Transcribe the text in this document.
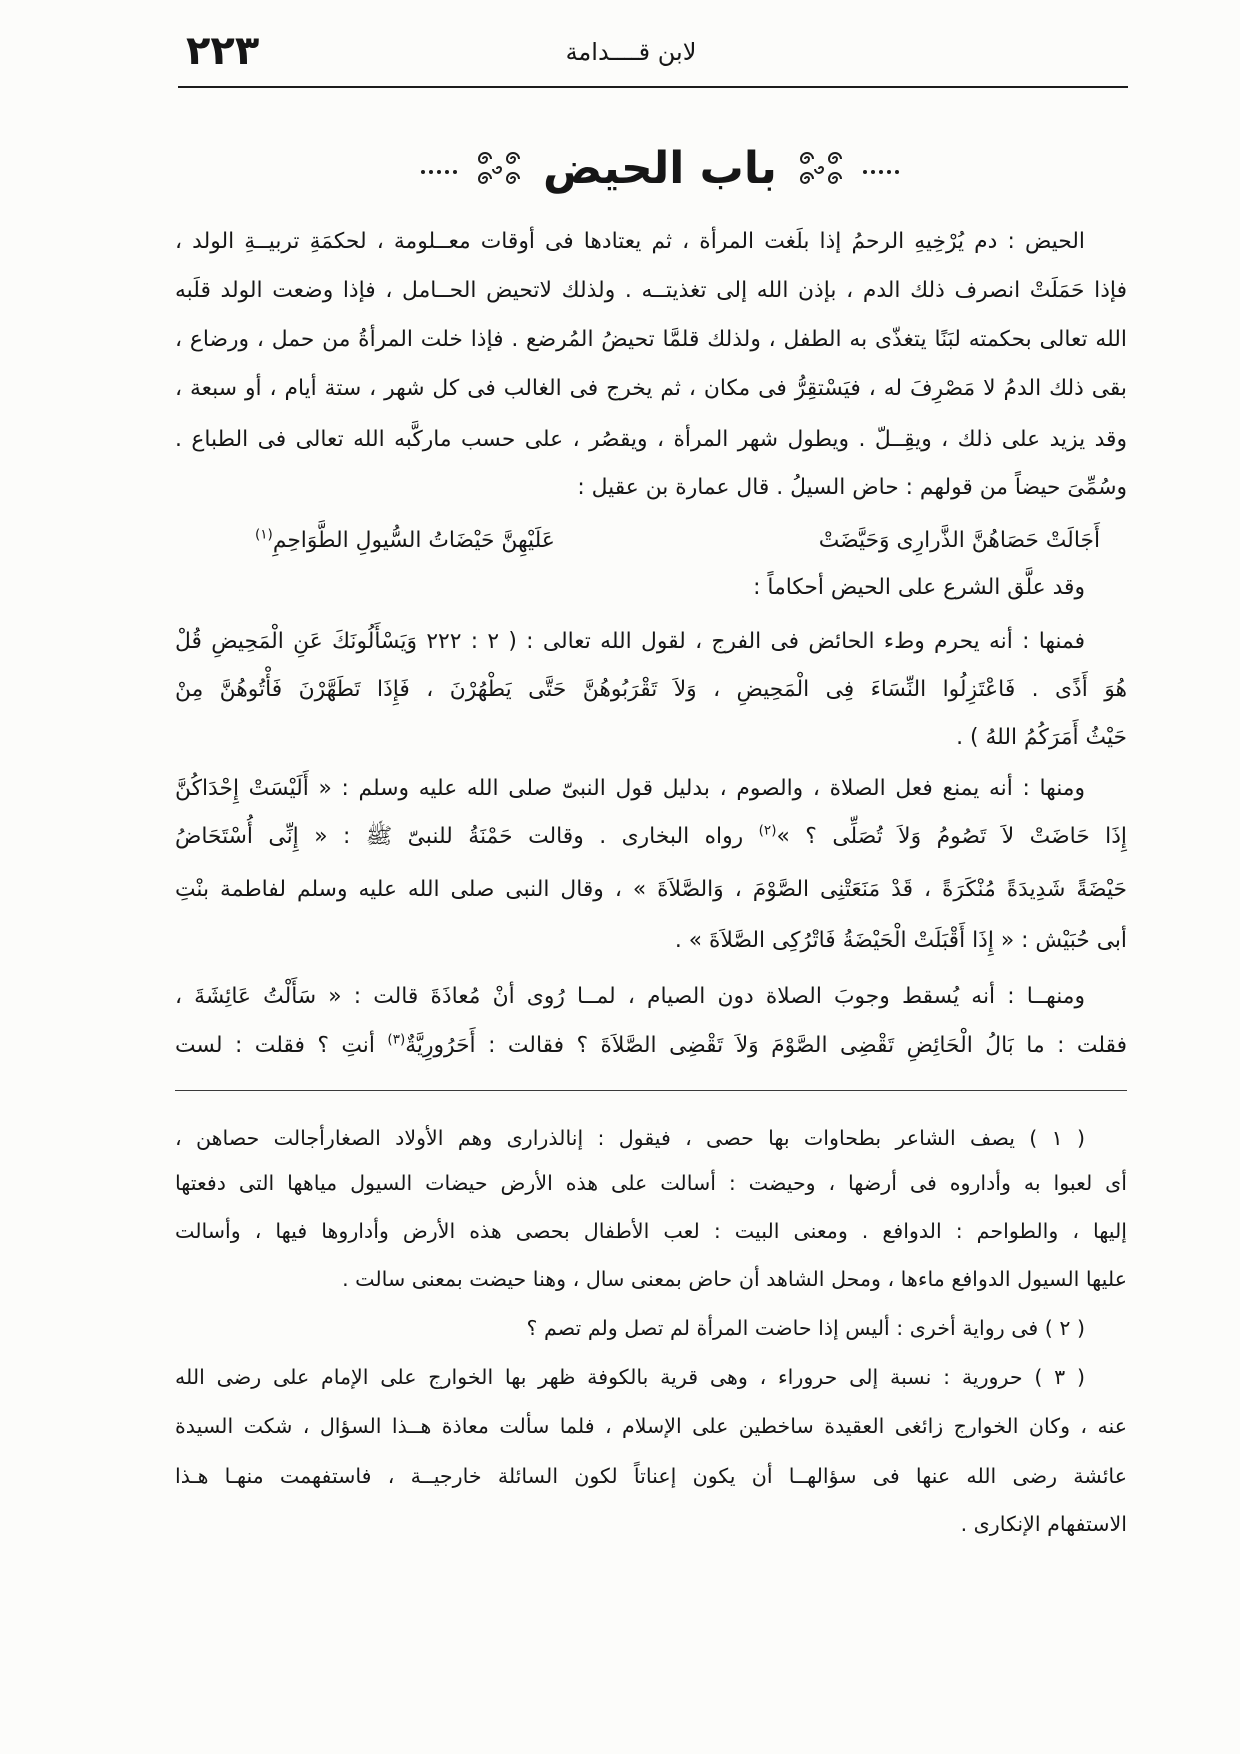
٢٢٣	لابن قــــدامة
باب الحيض
الحيض : دم يُرْخِيهِ الرحمُ إذا بلَغت المرأة ، ثم يعتادها فى أوقات معــلومة ، لحكمَةِ تربيــةِ الولد ،
فإذا حَمَلَتْ انصرف ذلك الدم ، بإذن الله إلى تغذيتــه . ولذلك لاتحيض الحــامل ، فإذا وضعت الولد قلَبه
الله تعالى بحكمته لبَنًا يتغذّى به الطفل ، ولذلك قلمَّا تحيضُ المُرضع . فإذا خلت المرأةُ من حمل ، ورضاع ،
بقى ذلك الدمُ لا مَصْرِفَ له ، فيَسْتقِرُّ فى مكان ، ثم يخرج فى الغالب فى كل شهر ، ستة أيام ، أو سبعة ،
وقد يزيد على ذلك ، ويقِــلّ . ويطول شهر المرأة ، ويقصُر ، على حسب ماركَّبه الله تعالى فى الطباع .
وسُمِّىَ حيضاً من قولهم : حاض السيلُ . قال عمارة بن عقيل :
أَجَالَتْ حَصَاهُنَّ الذَّرارِى وَحَيَّضَتْ
عَلَيْهِنَّ حَيْضَاتُ السُّيولِ الطَّوَاحِمِ$^{(١)}$
وقد علَّق الشرع على الحيض أحكاماً :
فمنها : أنه يحرم وطء الحائض فى الفرج ، لقول الله تعالى : ( ٢ : ٢٢٢ وَيَسْأَلُونَكَ عَنِ الْمَحِيضِ قُلْ
هُوَ أَذًى . فَاعْتَزِلُوا النِّسَاءَ فِى الْمَحِيضِ ، وَلاَ تَقْرَبُوهُنَّ حَتَّى يَطْهُرْنَ ، فَإِذَا تَطَهَّرْنَ فَأْتُوهُنَّ مِنْ
حَيْثُ أَمَرَكُمُ اللهُ ) .
ومنها : أنه يمنع فعل الصلاة ، والصوم ، بدليل قول النبىّ صلى الله عليه وسلم : « أَلَيْسَتْ إِحْدَاكُنَّ
إِذَا حَاضَتْ لاَ تَصُومُ وَلاَ تُصَلِّى ؟ »$^{(٢)}$ رواه البخارى . وقالت حَمْنَةُ للنبىّ ﷺ : « إِنِّى أُسْتَحَاضُ
حَيْضَةً شَدِيدَةً مُنْكَرَةً ، قَدْ مَنَعَتْنِى الصَّوْمَ ، وَالصَّلاَةَ » ، وقال النبى صلى الله عليه وسلم لفاطمة بنْتِ
أبى حُبَيْش : « إِذَا أَقْبَلَتْ الْحَيْضَةُ فَاتْرُكِى الصَّلاَةَ » .
ومنهــا : أنه يُسقط وجوبَ الصلاة دون الصيام ، لمــا رُوى أنْ مُعاذَةَ قالت : « سَأَلْتُ عَائِشَةَ ،
فقلت : ما بَالُ الْحَائِضِ تَقْضِى الصَّوْمَ وَلاَ تَقْضِى الصَّلاَةَ ؟ فقالت : أَحَرُورِيَّةٌ$^{(٣)}$ أنتِ ؟ فقلت : لست
( ١ ) يصف الشاعر بطحاوات بها حصى ، فيقول : إنالذرارى وهم الأولاد الصغارأجالت حصاهن ،
أى لعبوا به وأداروه فى أرضها ، وحيضت : أسالت على هذه الأرض حيضات السيول مياهها التى دفعتها
إليها ، والطواحم : الدوافع . ومعنى البيت : لعب الأطفال بحصى هذه الأرض وأداروها فيها ، وأسالت
عليها السيول الدوافع ماءها ، ومحل الشاهد أن حاض بمعنى سال ، وهنا حيضت بمعنى سالت .
( ٢ ) فى رواية أخرى : أليس إذا حاضت المرأة لم تصل ولم تصم ؟
( ٣ ) حرورية : نسبة إلى حروراء ، وهى قرية بالكوفة ظهر بها الخوارج على الإمام على رضى الله
عنه ، وكان الخوارج زائغى العقيدة ساخطين على الإسلام ، فلما سألت معاذة هــذا السؤال ، شكت السيدة
عائشة رضى الله عنها فى سؤالهــا أن يكون إعناتاً لكون السائلة خارجيــة ، فاستفهمت منهـا هـذا
الاستفهام الإنكارى .
